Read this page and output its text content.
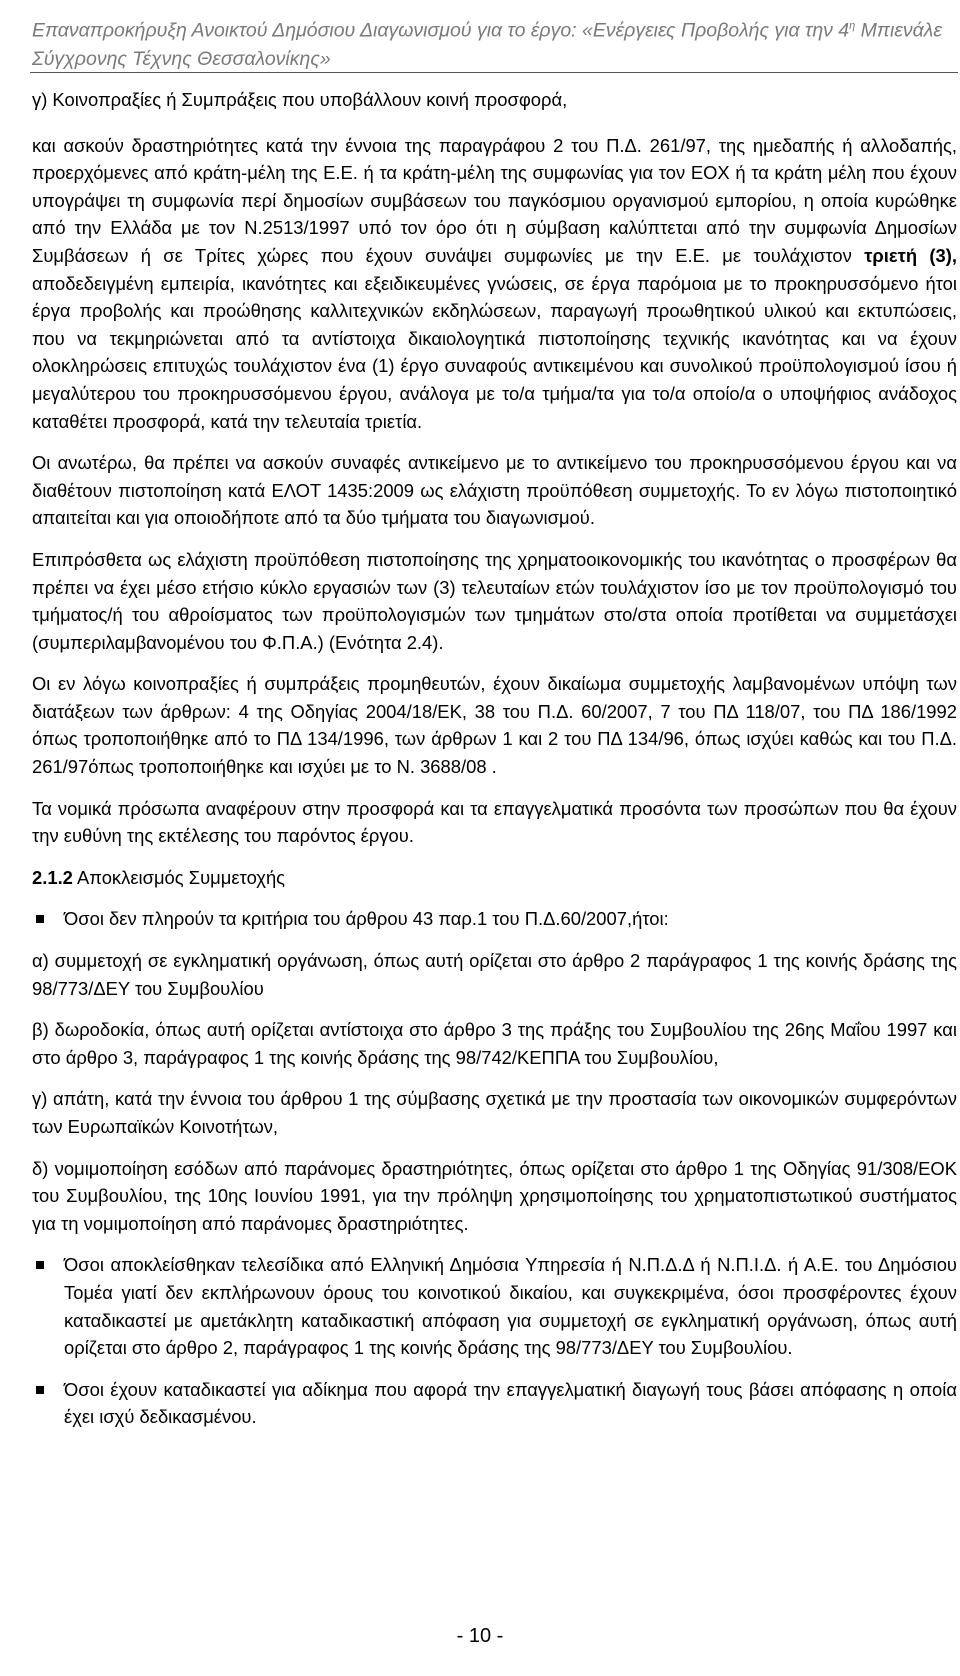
Επαναπροκήρυξη Ανοικτού Δημόσιου Διαγωνισμού για το έργο: «Ενέργειες Προβολής για την $4^\eta$ Μπιενάλε
Σύγχρονης Τέχνης Θεσσαλονίκης»

γ) Κοινοπραξίες ή Συμπράξεις που υποβάλλουν κοινή προσφορά,

και ασκούν δραστηριότητες κατά την έννοια της παραγράφου 2 του Π.Δ. 261/97, της ημεδαπής ή αλλοδαπής, προερχόμενες από κράτη-μέλη της Ε.Ε. ή τα κράτη-μέλη της συμφωνίας για τον ΕΟΧ ή τα κράτη μέλη που έχουν υπογράψει τη συμφωνία περί δημοσίων συμβάσεων του παγκόσμιου οργανισμού εμπορίου, η οποία κυρώθηκε από την Ελλάδα με τον Ν.2513/1997 υπό τον όρο ότι η σύμβαση καλύπτεται από την συμφωνία Δημοσίων Συμβάσεων ή σε Τρίτες χώρες που έχουν συνάψει συμφωνίες με την Ε.Ε. με τουλάχιστον τριετή (3), αποδεδειγμένη εμπειρία, ικανότητες και εξειδικευμένες γνώσεις, σε έργα παρόμοια με το προκηρυσσόμενο ήτοι έργα προβολής και προώθησης καλλιτεχνικών εκδηλώσεων, παραγωγή προωθητικού υλικού και εκτυπώσεις, που να τεκμηριώνεται από τα αντίστοιχα δικαιολογητικά πιστοποίησης τεχνικής ικανότητας και να έχουν ολοκληρώσεις επιτυχώς τουλάχιστον ένα (1) έργο συναφούς αντικειμένου και συνολικού προϋπολογισμού ίσου ή μεγαλύτερου του προκηρυσσόμενου έργου, ανάλογα με το/α τμήμα/τα για το/α οποίο/α ο υποψήφιος ανάδοχος καταθέτει προσφορά, κατά την τελευταία τριετία.

Οι ανωτέρω, θα πρέπει να ασκούν συναφές αντικείμενο με το αντικείμενο του προκηρυσσόμενου έργου και να διαθέτουν πιστοποίηση κατά ΕΛΟΤ 1435:2009 ως ελάχιστη προϋπόθεση συμμετοχής. Το εν λόγω πιστοποιητικό απαιτείται και για οποιοδήποτε από τα δύο τμήματα του διαγωνισμού.

Επιπρόσθετα ως ελάχιστη προϋπόθεση πιστοποίησης της χρηματοοικονομικής του ικανότητας ο προσφέρων θα πρέπει να έχει μέσο ετήσιο κύκλο εργασιών των (3) τελευταίων ετών τουλάχιστον ίσο με τον προϋπολογισμό του τμήματος/ή του αθροίσματος των προϋπολογισμών των τμημάτων στο/στα οποία προτίθεται να συμμετάσχει (συμπεριλαμβανομένου του Φ.Π.Α.) (Ενότητα 2.4).

Οι εν λόγω κοινοπραξίες ή συμπράξεις προμηθευτών, έχουν δικαίωμα συμμετοχής λαμβανομένων υπόψη των διατάξεων των άρθρων: 4 της Οδηγίας 2004/18/ΕΚ, 38 του Π.Δ. 60/2007, 7 του ΠΔ 118/07, του ΠΔ 186/1992 όπως τροποποιήθηκε από το ΠΔ 134/1996, των άρθρων 1 και 2 του ΠΔ 134/96, όπως ισχύει καθώς και του Π.Δ. 261/97όπως τροποποιήθηκε και ισχύει με το Ν. 3688/08 .

Τα νομικά πρόσωπα αναφέρουν στην προσφορά και τα επαγγελματικά προσόντα των προσώπων που θα έχουν την ευθύνη της εκτέλεσης του παρόντος έργου.

2.1.2 Αποκλεισμός Συμμετοχής

Όσοι δεν πληρούν τα κριτήρια του άρθρου 43 παρ.1 του Π.Δ.60/2007,ήτοι:

α) συμμετοχή σε εγκληματική οργάνωση, όπως αυτή ορίζεται στο άρθρο 2 παράγραφος 1 της κοινής δράσης της 98/773/ΔΕΥ του Συμβουλίου

β) δωροδοκία, όπως αυτή ορίζεται αντίστοιχα στο άρθρο 3 της πράξης του Συμβουλίου της 26ης Μαΐου 1997 και στο άρθρο 3, παράγραφος 1 της κοινής δράσης της 98/742/ΚΕΠΠΑ του Συμβουλίου,

γ) απάτη, κατά την έννοια του άρθρου 1 της σύμβασης σχετικά με την προστασία των οικονομικών συμφερόντων των Ευρωπαϊκών Κοινοτήτων,

δ) νομιμοποίηση εσόδων από παράνομες δραστηριότητες, όπως ορίζεται στο άρθρο 1 της Οδηγίας 91/308/ΕΟΚ του Συμβουλίου, της 10ης Ιουνίου 1991, για την πρόληψη χρησιμοποίησης του χρηματοπιστωτικού συστήματος για τη νομιμοποίηση από παράνομες δραστηριότητες.

Όσοι αποκλείσθηκαν τελεσίδικα από Ελληνική Δημόσια Υπηρεσία ή Ν.Π.Δ.Δ ή Ν.Π.Ι.Δ. ή Α.Ε. του Δημόσιου Τομέα γιατί δεν εκπλήρωνουν όρους του κοινοτικού δικαίου, και συγκεκριμένα, όσοι προσφέροντες έχουν καταδικαστεί με αμετάκλητη καταδικαστική απόφαση για συμμετοχή σε εγκληματική οργάνωση, όπως αυτή ορίζεται στο άρθρο 2, παράγραφος 1 της κοινής δράσης της 98/773/ΔΕΥ του Συμβουλίου.
Όσοι έχουν καταδικαστεί για αδίκημα που αφορά την επαγγελματική διαγωγή τους βάσει απόφασης η οποία έχει ισχύ δεδικασμένου.
- 10 -
